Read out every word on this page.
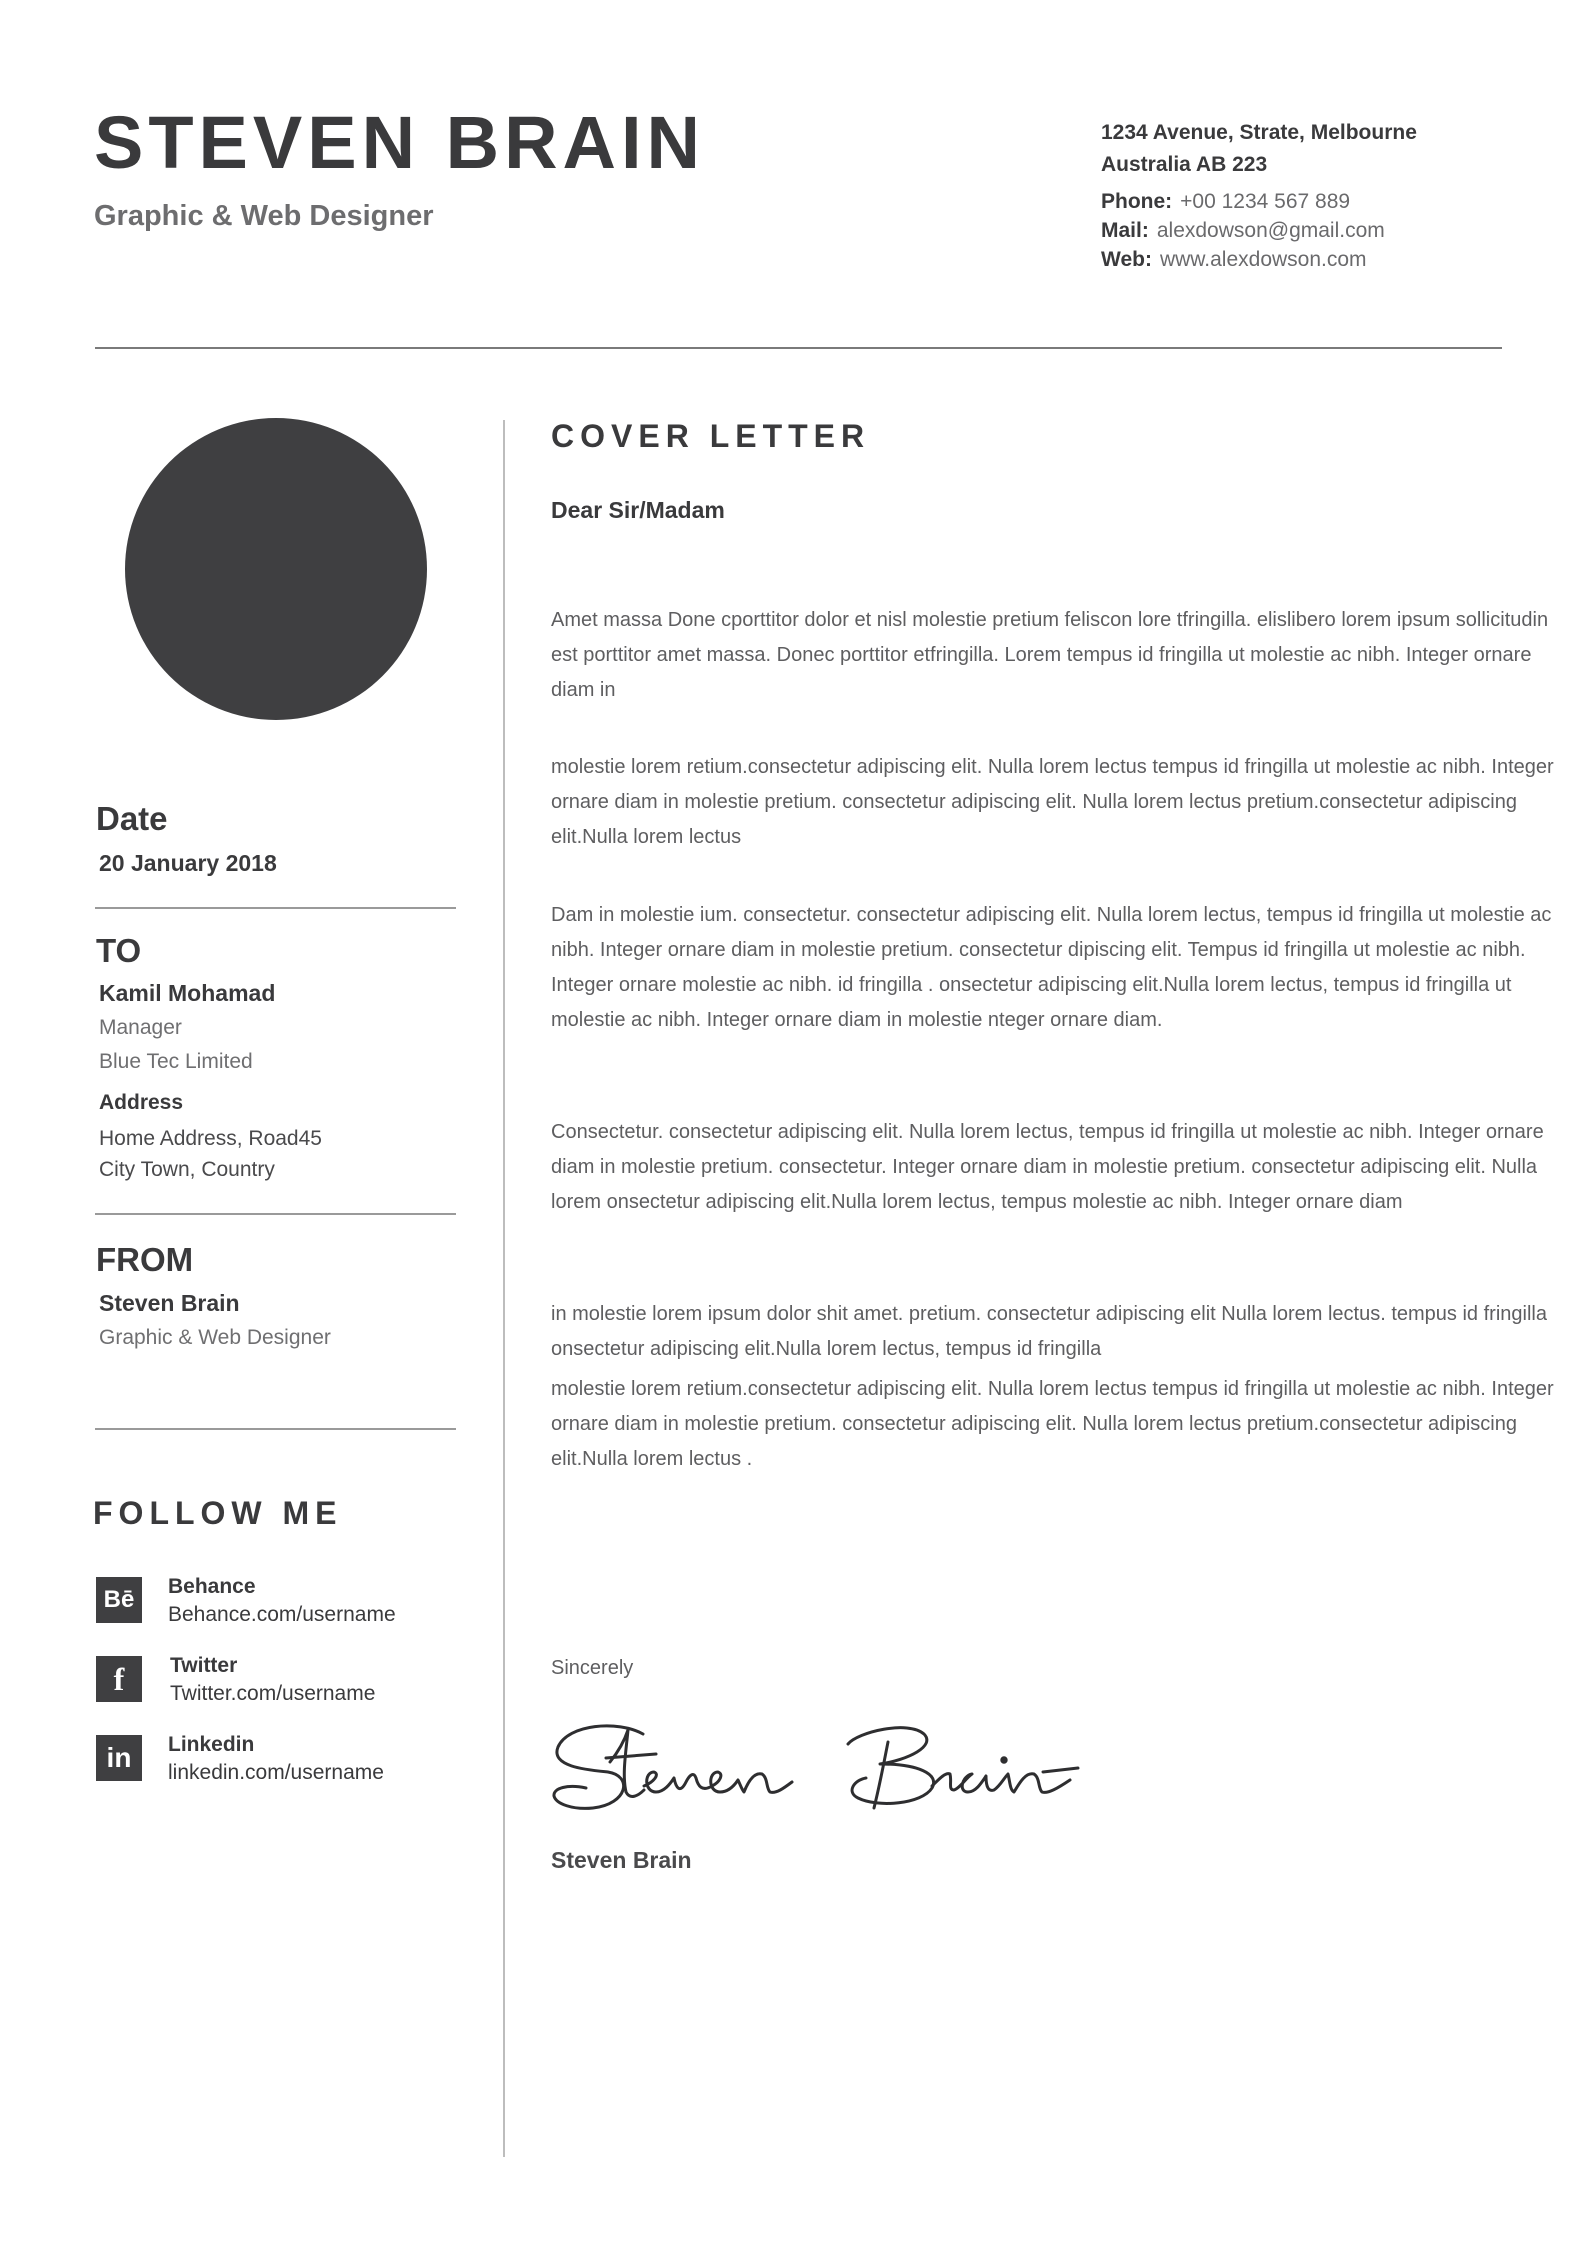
STEVEN BRAIN
Graphic & Web Designer
1234 Avenue, Strate, Melbourne
Australia AB 223
Phone: +00 1234 567 889
Mail: alexdowson@gmail.com
Web: www.alexdowson.com
Date
20 January 2018
TO
Kamil Mohamad
Manager
Blue Tec Limited
Address
Home Address, Road45
City Town, Country
FROM
Steven Brain
Graphic & Web Designer
FOLLOW ME
Bē	Behance
Behance.com/username
f	Twitter
Twitter.com/username
in	Linkedin
linkedin.com/username
COVER LETTER
Dear Sir/Madam
Amet massa Done cporttitor dolor et nisl molestie pretium feliscon lore tfringilla. elislibero lorem ipsum sollicitudin est porttitor amet massa. Donec porttitor etfringilla. Lorem tempus id fringilla ut molestie ac nibh. Integer ornare diam in
molestie lorem retium.consectetur adipiscing elit. Nulla lorem lectus tempus id fringilla ut molestie ac nibh. Integer ornare diam in molestie pretium. consectetur adipiscing elit. Nulla lorem lectus pretium.consectetur adipiscing elit.Nulla lorem lectus
Dam in molestie ium. consectetur. consectetur adipiscing elit. Nulla lorem lectus, tempus id fringilla ut molestie ac nibh. Integer ornare diam in molestie pretium. consectetur dipiscing elit. Tempus id fringilla ut molestie ac nibh. Integer ornare molestie ac nibh. id fringilla . onsectetur adipiscing elit.Nulla lorem lectus, tempus id fringilla ut molestie ac nibh. Integer ornare diam in molestie nteger ornare diam.
Consectetur. consectetur adipiscing elit. Nulla lorem lectus, tempus id fringilla ut molestie ac nibh. Integer ornare diam in molestie pretium. consectetur. Integer ornare diam in molestie pretium. consectetur adipiscing elit. Nulla lorem onsectetur adipiscing elit.Nulla lorem lectus, tempus molestie ac nibh. Integer ornare diam
in molestie lorem ipsum dolor shit amet. pretium. consectetur adipiscing elit Nulla lorem lectus. tempus id fringilla onsectetur adipiscing elit.Nulla lorem lectus, tempus id fringilla
molestie lorem retium.consectetur adipiscing elit. Nulla lorem lectus tempus id fringilla ut molestie ac nibh. Integer ornare diam in molestie pretium. consectetur adipiscing elit. Nulla lorem lectus pretium.consectetur adipiscing elit.Nulla lorem lectus .
Sincerely
Steven Brain
